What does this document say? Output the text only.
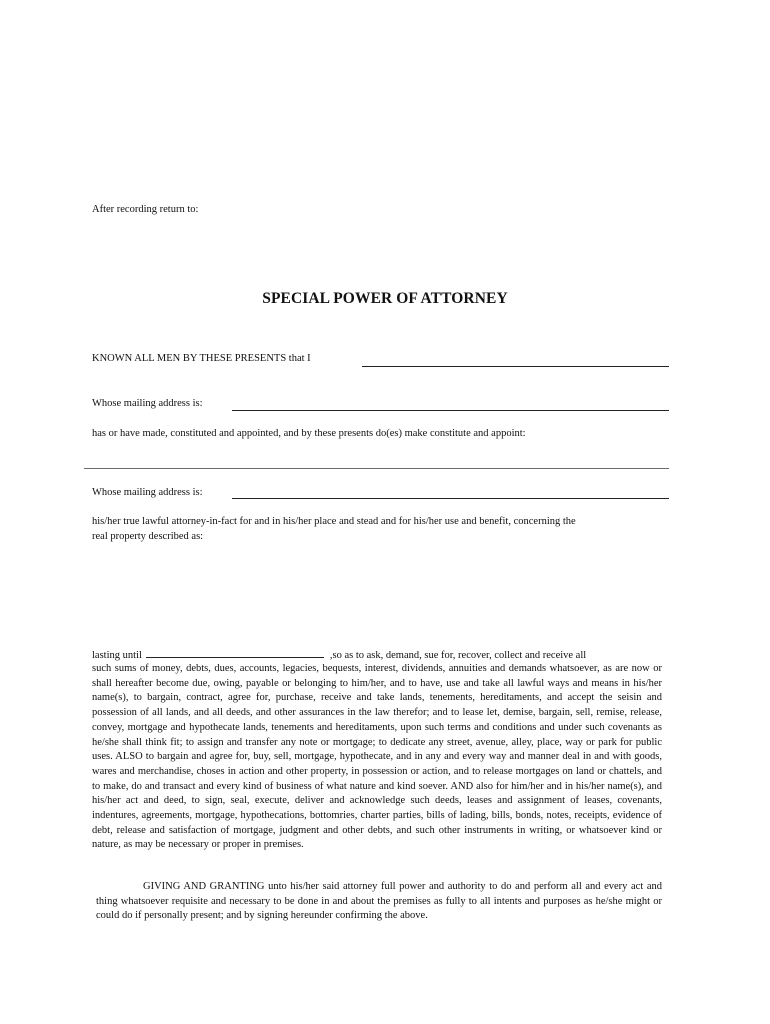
After recording return to:
SPECIAL POWER OF ATTORNEY
KNOWN ALL MEN BY THESE PRESENTS that I
Whose mailing address is:
has or have made, constituted and appointed, and by these presents do(es) make constitute and appoint:
Whose mailing address is:
his/her true lawful attorney-in-fact for and in his/her place and stead and for his/her use and benefit, concerning the
real property described as:
lasting until	,so as to ask, demand, sue for, recover, collect and receive all
such sums of money, debts, dues, accounts, legacies, bequests, interest, dividends, annuities and demands whatsoever, as are now or shall hereafter become due, owing, payable or belonging to him/her, and to have, use and take all lawful ways and means in his/her name(s), to bargain, contract, agree for, purchase, receive and take lands, tenements, hereditaments, and accept the seisin and possession of all lands, and all deeds, and other assurances in the law therefor; and to lease let, demise, bargain, sell, remise, release, convey, mortgage and hypothecate lands, tenements and hereditaments, upon such terms and conditions and under such covenants as he/she shall think fit; to assign and transfer any note or mortgage; to dedicate any street, avenue, alley, place, way or park for public uses. ALSO to bargain and agree for, buy, sell, mortgage, hypothecate, and in any and every way and manner deal in and with goods, wares and merchandise, choses in action and other property, in possession or action, and to release mortgages on land or chattels, and to make, do and transact and every kind of business of what nature and kind soever. AND also for him/her and in his/her name(s), and his/her act and deed, to sign, seal, execute, deliver and acknowledge such deeds, leases and assignment of leases, covenants, indentures, agreements, mortgage, hypothecations, bottomries, charter parties, bills of lading, bills, bonds, notes, receipts, evidence of debt, release and satisfaction of mortgage, judgment and other debts, and such other instruments in writing, or whatsoever kind or nature, as may be necessary or proper in premises.
GIVING AND GRANTING unto his/her said attorney full power and authority to do and perform all and every act and thing whatsoever requisite and necessary to be done in and about the premises as fully to all intents and purposes as he/she might or could do if personally present; and by signing hereunder confirming the above.
